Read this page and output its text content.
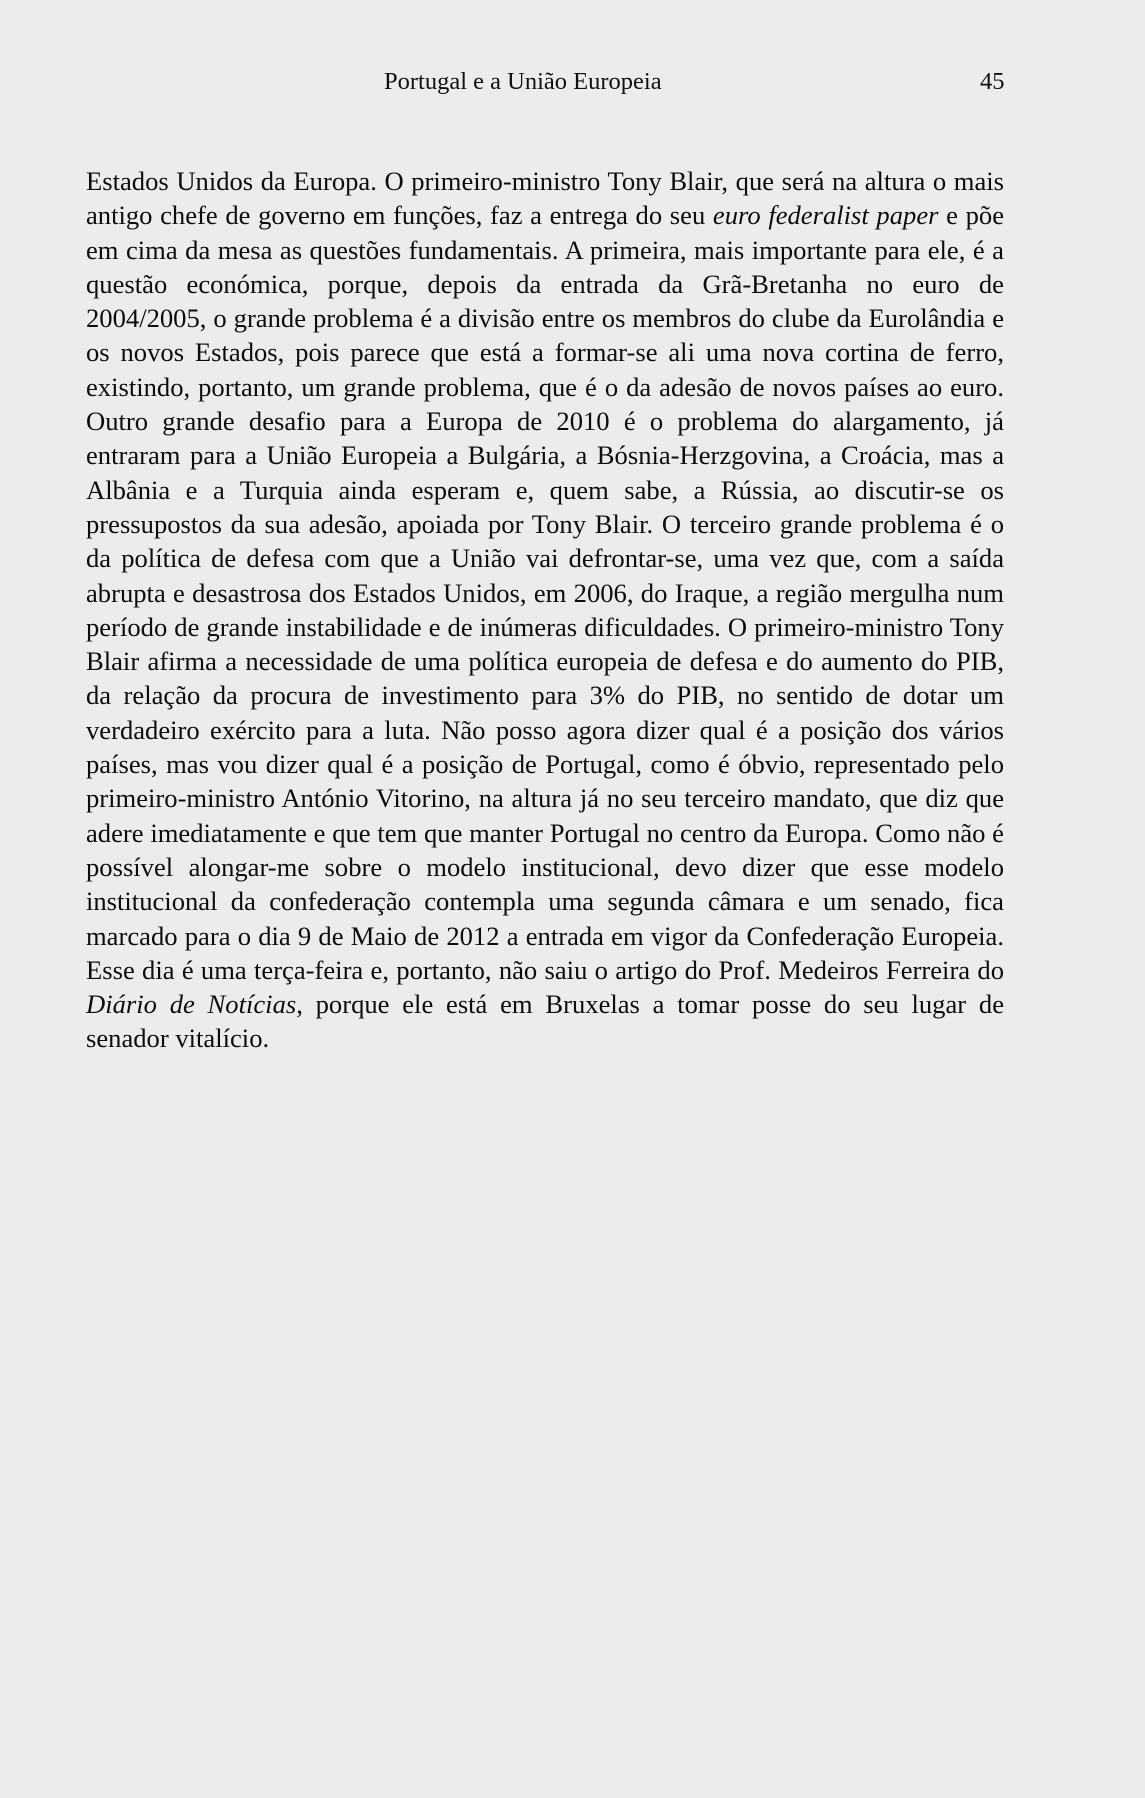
Portugal e a União Europeia	45

Estados Unidos da Europa. O primeiro-ministro Tony Blair, que será na altura o mais antigo chefe de governo em funções, faz a entrega do seu euro federalist paper e põe em cima da mesa as questões fundamentais. A primeira, mais importante para ele, é a questão económica, porque, depois da entrada da Grã-Bretanha no euro de 2004/2005, o grande problema é a divisão entre os membros do clube da Eurolândia e os novos Estados, pois parece que está a formar-se ali uma nova cortina de ferro, existindo, portanto, um grande problema, que é o da adesão de novos países ao euro. Outro grande desafio para a Europa de 2010 é o problema do alargamento, já entraram para a União Europeia a Bulgária, a Bósnia-⁠Herzgovina, a Croácia, mas a Albânia e a Turquia ainda esperam e, quem sabe, a Rússia, ao discutir-se os pressupostos da sua adesão, apoiada por Tony Blair. O terceiro grande problema é o da política de defesa com que a União vai defrontar-se, uma vez que, com a saída abrupta e desastrosa dos Estados Unidos, em 2006, do Iraque, a região mergulha num período de grande instabilidade e de inúmeras dificuldades. O primeiro-ministro Tony Blair afirma a necessidade de uma política europeia de defesa e do aumento do PIB, da relação da procura de investimento para 3% do PIB, no sentido de dotar um verdadeiro exército para a luta. Não posso agora dizer qual é a posição dos vários países, mas vou dizer qual é a posição de Portugal, como é óbvio, representado pelo primeiro-⁠ministro António Vitorino, na altura já no seu terceiro mandato, que diz que adere imediatamente e que tem que manter Portugal no centro da Europa. Como não é possível alongar-me sobre o modelo institucional, devo dizer que esse modelo institucional da confederação contempla uma segunda câmara e um senado, fica marcado para o dia 9 de Maio de 2012 a entrada em vigor da Confederação Europeia. Esse dia é uma terça-feira e, portanto, não saiu o artigo do Prof. Medeiros Ferreira do Diário de Notícias, porque ele está em Bruxelas a tomar posse do seu lugar de senador vitalício.
